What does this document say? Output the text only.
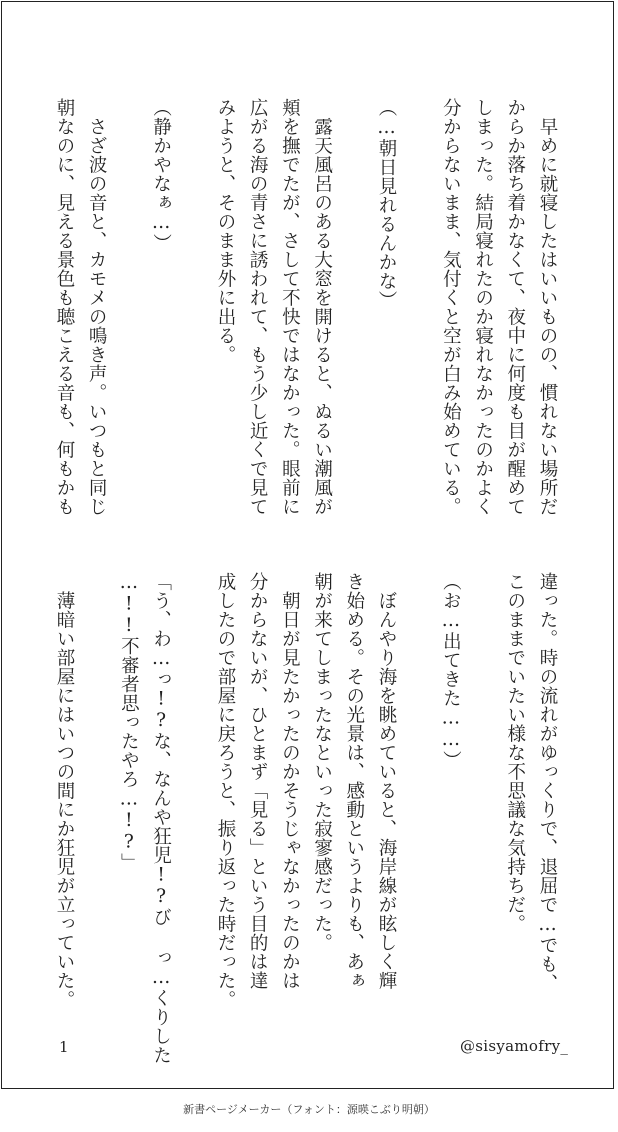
　早めに就寝したはいいものの、慣れない場所だ
からか落ち着かなくて、夜中に何度も目が醒めて
しまった。結局寝れたのか寝れなかったのかよく
分からないまま、気付くと空が白み始めている。

（…朝日見れるんかな）

　露天風呂のある大窓を開けると、ぬるい潮風が
頬を撫でたが、さして不快ではなかった。眼前に
広がる海の青さに誘われて、もう少し近くで見て
みようと、そのまま外に出る。

（静かやなぁ…）

　さざ波の音と、カモメの鳴き声。いつもと同じ
朝なのに、見える景色も聴こえる音も、何もかも
違った。時の流れがゆっくりで、退屈で…でも、
このままでいたい様な不思議な気持ちだ。

（お…出てきた……）

　ぼんやり海を眺めていると、海岸線が眩しく輝
き始める。その光景は、感動というよりも、あぁ
朝が来てしまったなといった寂寥感だった。
　朝日が見たかったのかそうじゃなかったのかは
分からないが、ひとまず「見る」という目的は達
成したので部屋に戻ろうと、振り返った時だった。

「う、わ…っ!?な、なんや狂児!?び っ…くりした
…!!不審者思ったやろ…!?」

　薄暗い部屋にはいつの間にか狂児が立っていた。
1	@sisyamofry_
新書ページメーカー（フォント：源暎こぶり明朝）
